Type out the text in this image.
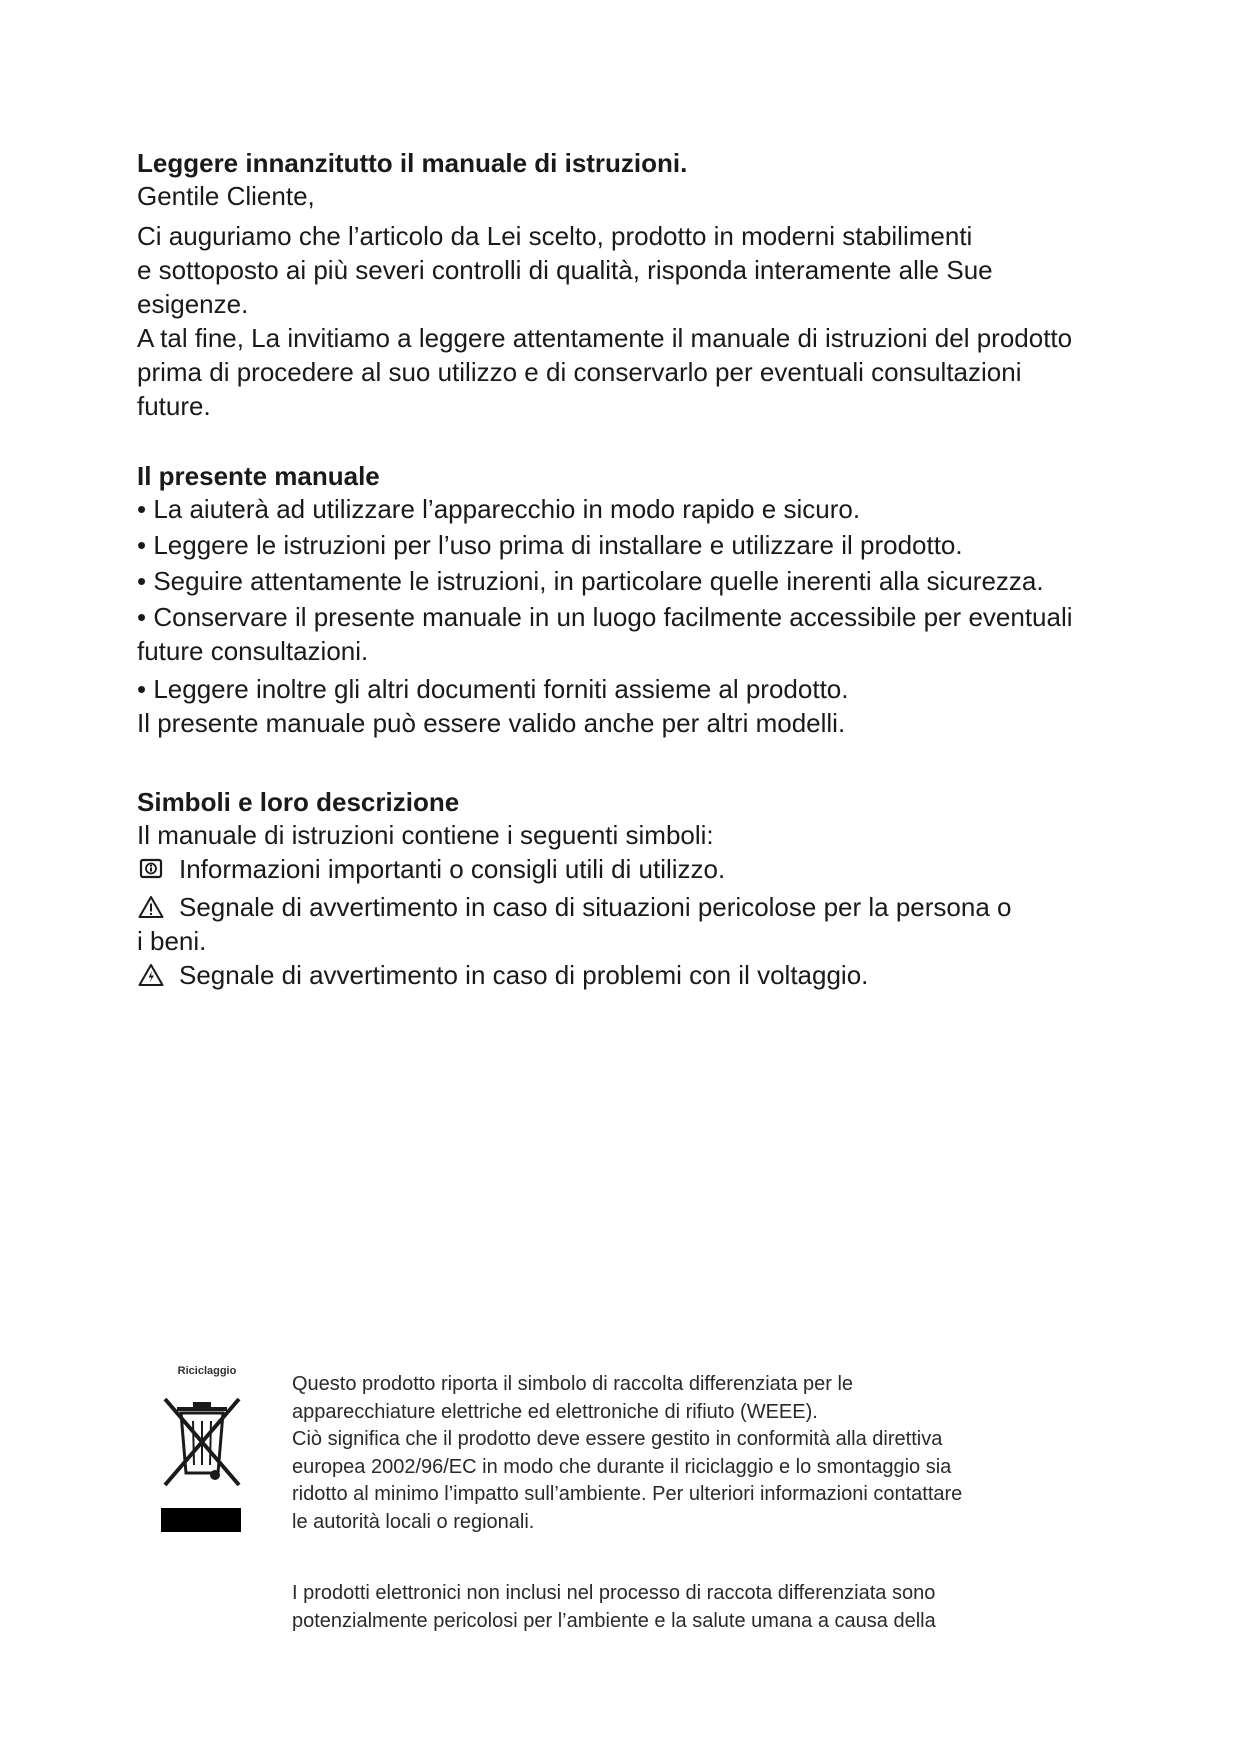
Leggere innanzitutto il manuale di istruzioni.

Gentile Cliente,

Ci auguriamo che l’articolo da Lei scelto, prodotto in moderni stabilimenti

e sottoposto ai più severi controlli di qualità, risponda interamente alle Sue

esigenze.

A tal fine, La invitiamo a leggere attentamente il manuale di istruzioni del prodotto

prima di procedere al suo utilizzo e di conservarlo per eventuali consultazioni

future.

Il presente manuale

• La aiuterà ad utilizzare l’apparecchio in modo rapido e sicuro.

• Leggere le istruzioni per l’uso prima di installare e utilizzare il prodotto.

• Seguire attentamente le istruzioni, in particolare quelle inerenti alla sicurezza.

• Conservare il presente manuale in un luogo facilmente accessibile per eventuali

future consultazioni.

• Leggere inoltre gli altri documenti forniti assieme al prodotto.

Il presente manuale può essere valido anche per altri modelli.

Simboli e loro descrizione

Il manuale di istruzioni contiene i seguenti simboli:

Informazioni importanti o consigli utili di utilizzo.
Segnale di avvertimento in caso di situazioni pericolose per la persona o

i beni.

Segnale di avvertimento in caso di problemi con il voltaggio.
Riciclaggio

Questo prodotto riporta il simbolo di raccolta differenziata per le

apparecchiature elettriche ed elettroniche di rifiuto (WEEE).

Ciò significa che il prodotto deve essere gestito in conformità alla direttiva

europea 2002/96/EC in modo che durante il riciclaggio e lo smontaggio sia

ridotto al minimo l’impatto sull’ambiente. Per ulteriori informazioni contattare

le autorità locali o regionali.

I prodotti elettronici non inclusi nel processo di raccota differenziata sono

potenzialmente pericolosi per l’ambiente e la salute umana a causa della
